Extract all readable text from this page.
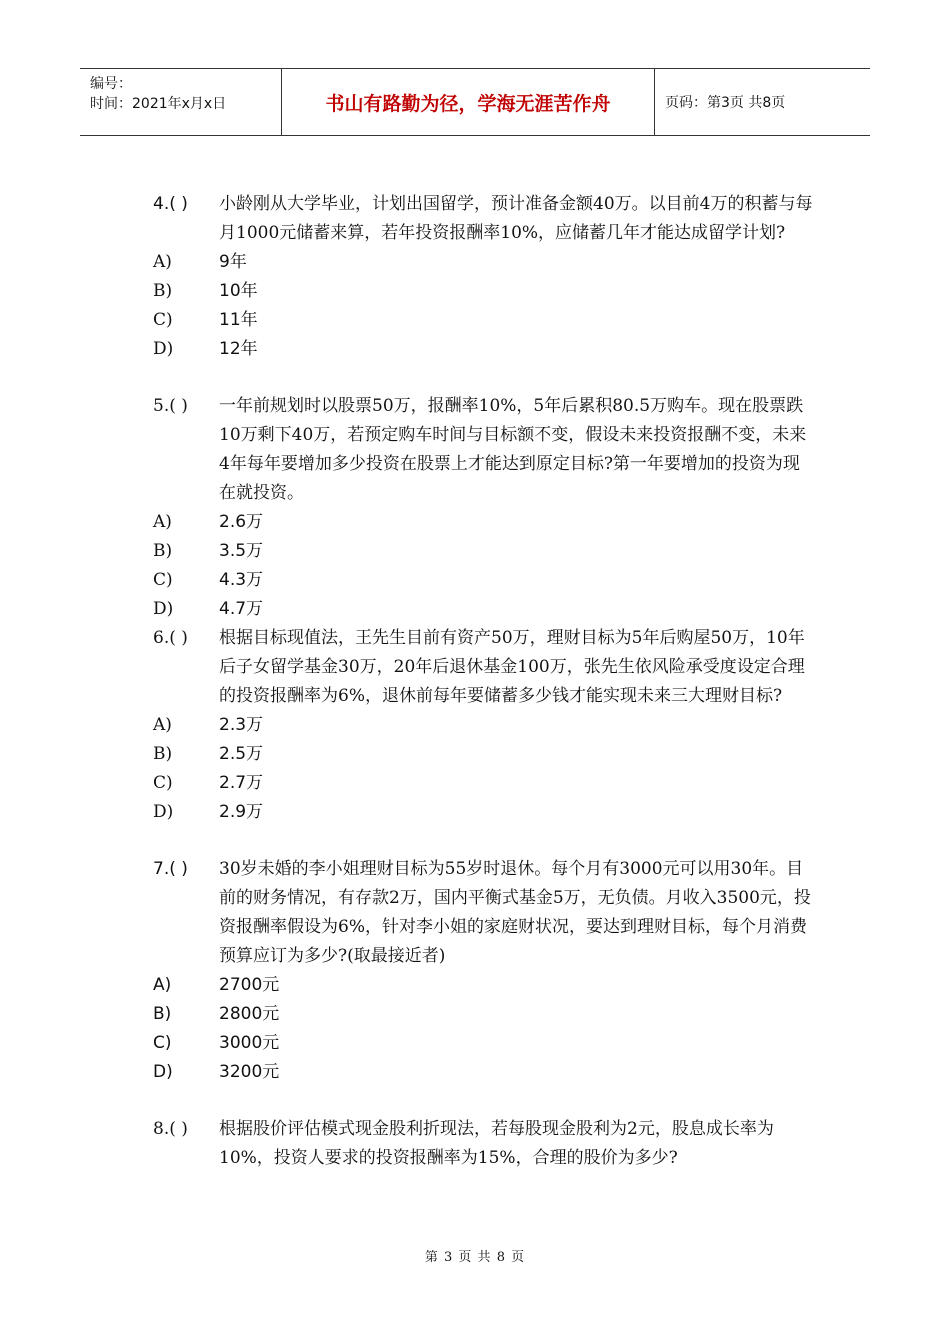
编号：
时间：2021年x月x日	书山有路勤为径，学海无涯苦作舟	页码：第3页 共8页
4.( )	小龄刚从大学毕业，计划出国留学，预计准备金额40万。以目前4万的积蓄与每月1000元储蓄来算，若年投资报酬率10%，应储蓄几年才能达成留学计划?
A)	9年
B)	10年
C)	11年
D)	12年
5.( )	一年前规划时以股票50万，报酬率10%，5年后累积80.5万购车。现在股票跌10万剩下40万，若预定购车时间与目标额不变，假设未来投资报酬不变，未来4年每年要增加多少投资在股票上才能达到原定目标?第一年要增加的投资为现在就投资。
A)	2.6万
B)	3.5万
C)	4.3万
D)	4.7万
6.( )	根据目标现值法，王先生目前有资产50万，理财目标为5年后购屋50万，10年后子女留学基金30万，20年后退休基金100万，张先生依风险承受度设定合理的投资报酬率为6%，退休前每年要储蓄多少钱才能实现未来三大理财目标?
A)	2.3万
B)	2.5万
C)	2.7万
D)	2.9万
7.( )	30岁未婚的李小姐理财目标为55岁时退休。每个月有3000元可以用30年。目前的财务情况，有存款2万，国内平衡式基金5万，无负债。月收入3500元，投资报酬率假设为6%，针对李小姐的家庭财状况，要达到理财目标，每个月消费预算应订为多少?(取最接近者)
A)	2700元
B)	2800元
C)	3000元
D)	3200元
8.( )	根据股价评估模式现金股利折现法，若每股现金股利为2元，股息成长率为10%，投资人要求的投资报酬率为15%，合理的股价为多少?
第 3 页 共 8 页
